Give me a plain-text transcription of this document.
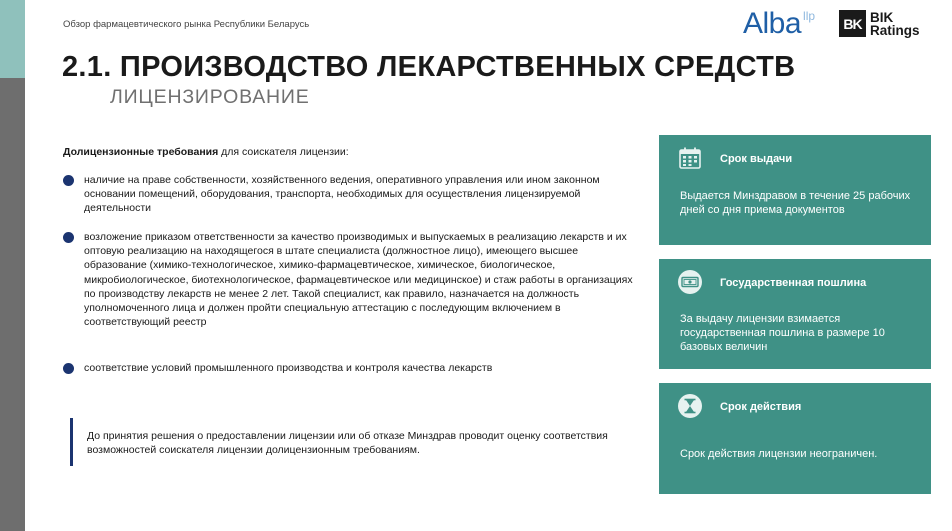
Обзор фармацевтического рынка Республики Беларусь	Alba llp BK BIK
Ratings
2.1. ПРОИЗВОДСТВО ЛЕКАРСТВЕННЫХ СРЕДСТВ
ЛИЦЕНЗИРОВАНИЕ
Долицензионные требования для соискателя лицензии:
наличие на праве собственности, хозяйственного ведения, оперативного управления или ином законном основании помещений, оборудования, транспорта, необходимых для осуществления лицензируемой деятельности
возложение приказом ответственности за качество производимых и выпускаемых в реализацию лекарств и их оптовую реализацию на находящегося в штате специалиста (должностное лицо), имеющего высшее образование (химико-технологическое, химико-фармацевтическое, химическое, биологическое, микробиологическое, биотехнологическое, фармацевтическое или медицинское) и стаж работы в организациях по производству лекарств не менее 2 лет. Такой специалист, как правило, назначается на должность уполномоченного лица и должен пройти специальную аттестацию с последующим включением в соответствующий реестр
соответствие условий промышленного производства и контроля качества лекарств
До принятия решения о предоставлении лицензии или об отказе Минздрав проводит оценку соответствия возможностей соискателя лицензии долицензионным требованиям.
Срок выдачи
Выдается Минздравом в течение 25 рабочих дней со дня приема документов
Государственная пошлина
За выдачу лицензии взимается государственная пошлина в размере 10 базовых величин
Срок действия
Срок действия лицензии неограничен.
